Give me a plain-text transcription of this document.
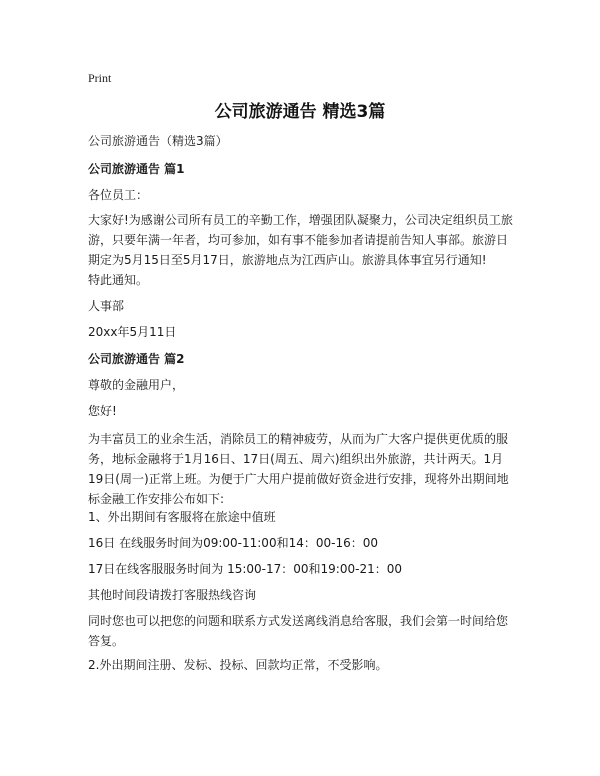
Print
公司旅游通告 精选3篇
公司旅游通告（精选3篇）
公司旅游通告 篇1
各位员工：
大家好!为感谢公司所有员工的辛勤工作，增强团队凝聚力，公司决定组织员工旅游，只要年满一年者，均可参加，如有事不能参加者请提前告知人事部。旅游日期定为5月15日至5月17日，旅游地点为江西庐山。旅游具体事宜另行通知!
特此通知。
人事部
20xx年5月11日
公司旅游通告 篇2
尊敬的金融用户，
您好!
为丰富员工的业余生活，消除员工的精神疲劳，从而为广大客户提供更优质的服务，地标金融将于1月16日、17日(周五、周六)组织出外旅游，共计两天。1月19日(周一)正常上班。为便于广大用户提前做好资金进行安排，现将外出期间地标金融工作安排公布如下:
1、外出期间有客服将在旅途中值班
16日 在线服务时间为09:00-11:00和14：00-16：00
17日在线客服服务时间为 15:00-17：00和19:00-21：00
其他时间段请拨打客服热线咨询
同时您也可以把您的问题和联系方式发送离线消息给客服，我们会第一时间给您答复。
2.外出期间注册、发标、投标、回款均正常，不受影响。
